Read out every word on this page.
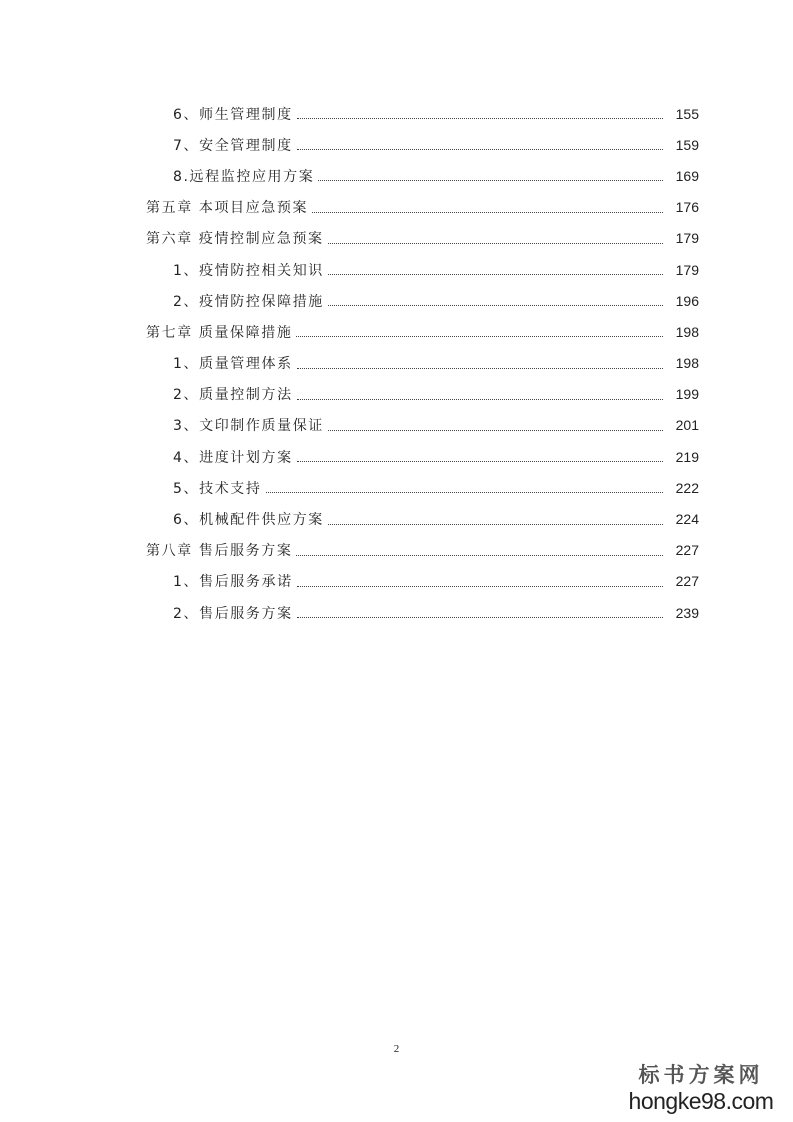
6、师生管理制度	155
7、安全管理制度	159
8.远程监控应用方案	169
第五章 本项目应急预案	176
第六章 疫情控制应急预案	179
1、疫情防控相关知识	179
2、疫情防控保障措施	196
第七章 质量保障措施	198
1、质量管理体系	198
2、质量控制方法	199
3、文印制作质量保证	201
4、进度计划方案	219
5、技术支持	222
6、机械配件供应方案	224
第八章 售后服务方案	227
1、售后服务承诺	227
2、售后服务方案	239
2
标书方案网
hongke98.com
